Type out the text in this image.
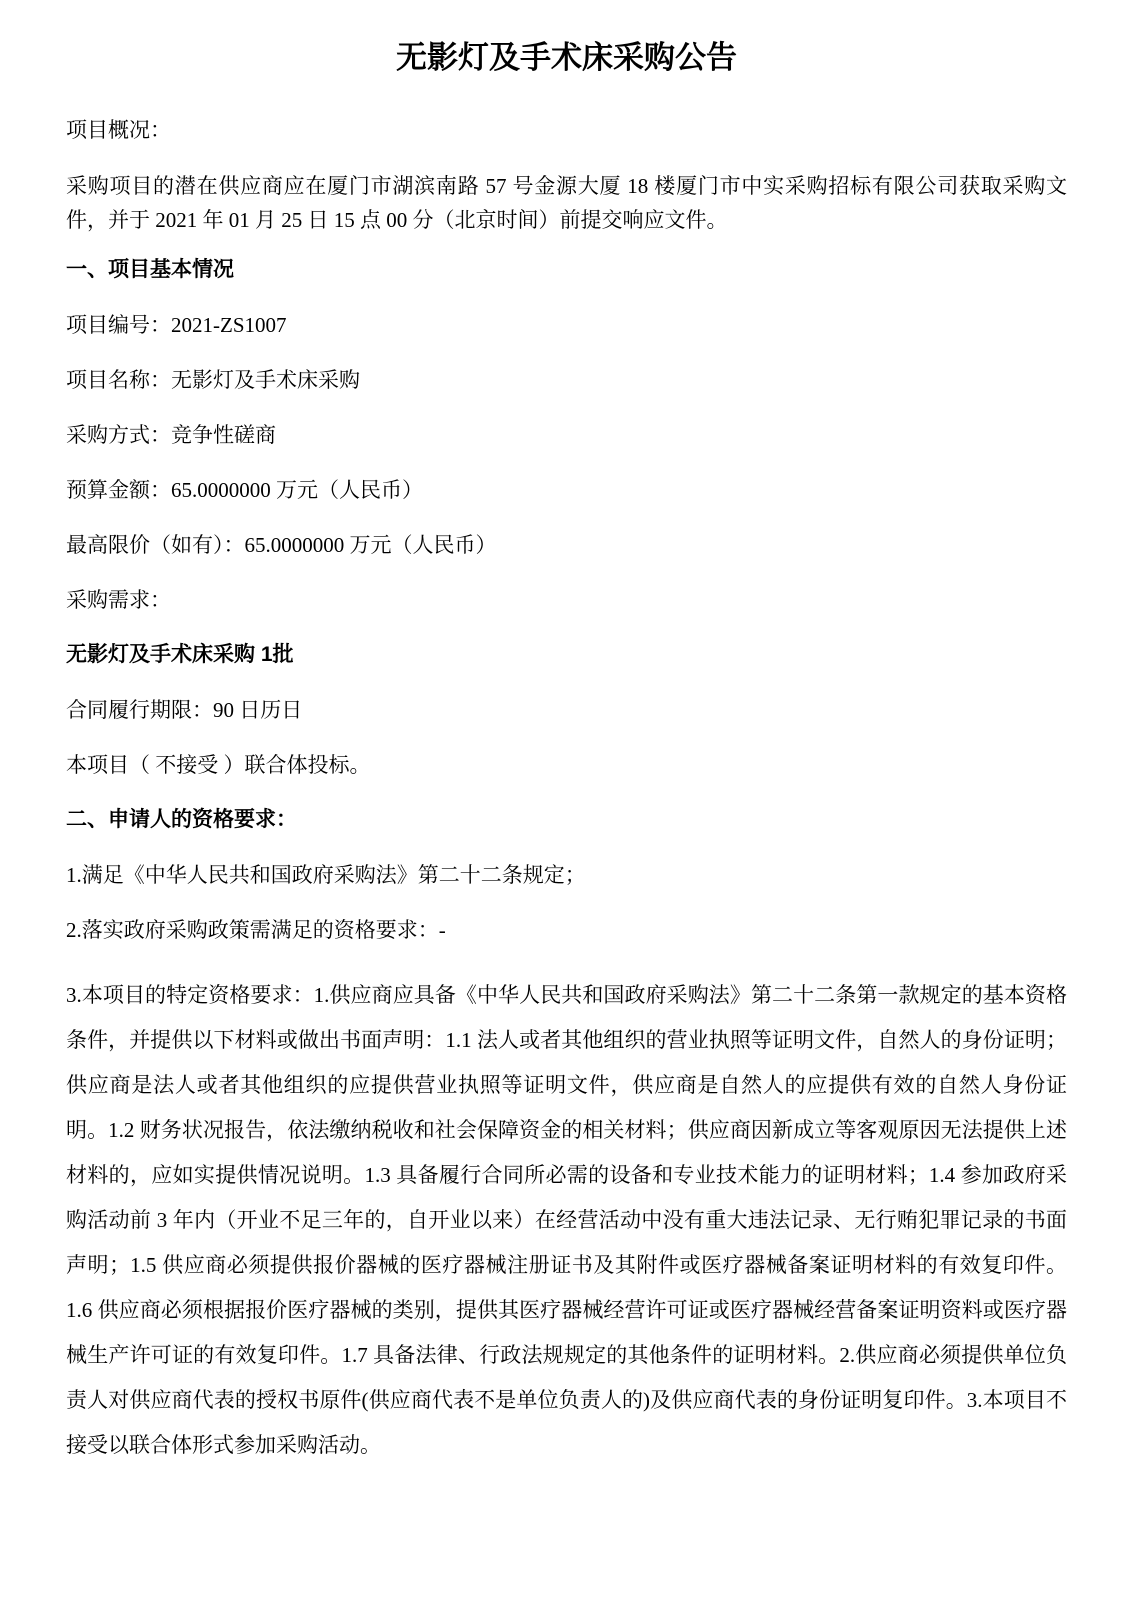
无影灯及手术床采购公告

项目概况：

采购项目的潜在供应商应在厦门市湖滨南路 57 号金源大厦 18 楼厦门市中实采购招标有限公司获取采购文件，并于 2021 年 01 月 25 日 15 点 00 分（北京时间）前提交响应文件。

一、项目基本情况

项目编号：2021-ZS1007

项目名称：无影灯及手术床采购

采购方式：竞争性磋商

预算金额：65.0000000 万元（人民币）

最高限价（如有）：65.0000000 万元（人民币）

采购需求：

无影灯及手术床采购 1批

合同履行期限：90 日历日

本项目（ 不接受 ）联合体投标。

二、申请人的资格要求：

1.满足《中华人民共和国政府采购法》第二十二条规定；

2.落实政府采购政策需满足的资格要求：-

3.本项目的特定资格要求：1.供应商应具备《中华人民共和国政府采购法》第二十二条第一款规定的基本资格条件，并提供以下材料或做出书面声明：1.1 法人或者其他组织的营业执照等证明文件，自然人的身份证明；供应商是法人或者其他组织的应提供营业执照等证明文件，供应商是自然人的应提供有效的自然人身份证明。1.2 财务状况报告，依法缴纳税收和社会保障资金的相关材料；供应商因新成立等客观原因无法提供上述材料的，应如实提供情况说明。1.3 具备履行合同所必需的设备和专业技术能力的证明材料；1.4 参加政府采购活动前 3 年内（开业不足三年的，自开业以来）在经营活动中没有重大违法记录、无行贿犯罪记录的书面声明；1.5 供应商必须提供报价器械的医疗器械注册证书及其附件或医疗器械备案证明材料的有效复印件。 1.6 供应商必须根据报价医疗器械的类别，提供其医疗器械经营许可证或医疗器械经营备案证明资料或医疗器械生产许可证的有效复印件。1.7 具备法律、行政法规规定的其他条件的证明材料。2.供应商必须提供单位负责人对供应商代表的授权书原件(供应商代表不是单位负责人的)及供应商代表的身份证明复印件。3.本项目不接受以联合体形式参加采购活动。
